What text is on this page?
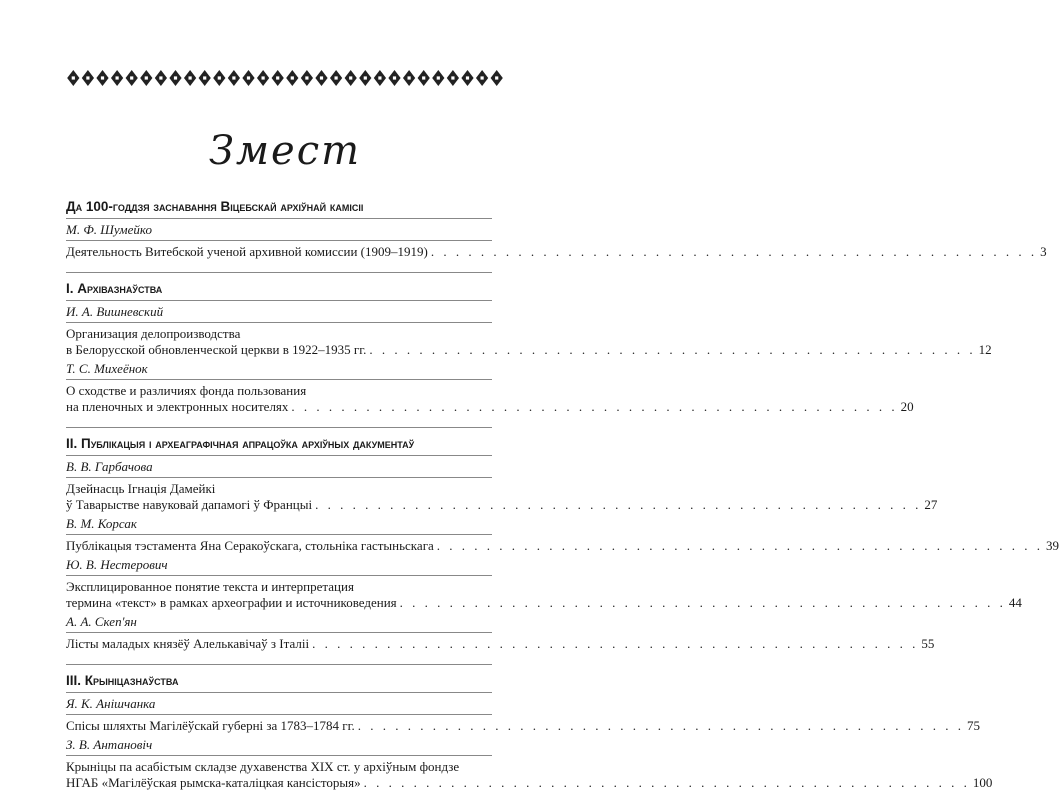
Змест
Да 100-годдзя заснавання Віцебскай архіўнай камісіі
М. Ф. Шумейко
Деятельность Витебской ученой архивной комиссии (1909–1919) . . . . . . . . . . . . . . . . . . . . . . . . . . . . . . . . . . . . . . . . . . . . . . . . . 3
I. Архівазнаўства
И. А. Вишневский
Организация делопроизводства
в Белорусской обновленческой церкви в 1922–1935 гг. . . . . . . . . . . . . . . . . . . . . . . . . . . . . . . . . . . . . . . . . . . . . . . . . . 12
Т. С. Михеёнок
О сходстве и различиях фонда пользования
на пленочных и электронных носителях . . . . . . . . . . . . . . . . . . . . . . . . . . . . . . . . . . . . . . . . . . . . . . . . . 20
II. Публікацыя і археаграфічная апрацоўка архіўных дакументаў
В. В. Гарбачова
Дзейнасць Ігнація Дамейкі
ў Таварыстве навуковай дапамогі ў Францыі . . . . . . . . . . . . . . . . . . . . . . . . . . . . . . . . . . . . . . . . . . . . . . . . . 27
В. М. Корсак
Публікацыя тэстамента Яна Серакоўскага, стольніка гастыньскага . . . . . . . . . . . . . . . . . . . . . . . . . . . . . . . . . . . . . . . . . . . . . . . . . 39
Ю. В. Нестерович
Эксплицированное понятие текста и интерпретация
термина «текст» в рамках археографии и источниковедения . . . . . . . . . . . . . . . . . . . . . . . . . . . . . . . . . . . . . . . . . . . . . . . . . 44
А. А. Скеп'ян
Лісты маладых князёў Алелькавічаў з Італіі . . . . . . . . . . . . . . . . . . . . . . . . . . . . . . . . . . . . . . . . . . . . . . . . . 55
III. Крыніцазнаўства
Я. К. Анішчанка
Спісы шляхты Магілёўскай губерні за 1783–1784 гг. . . . . . . . . . . . . . . . . . . . . . . . . . . . . . . . . . . . . . . . . . . . . . . . . . 75
З. В. Антановіч
Крыніцы па асабістым складзе духавенства XIX ст. у архіўным фондзе
НГАБ «Магілёўская рымска-каталіцкая кансісторыя» . . . . . . . . . . . . . . . . . . . . . . . . . . . . . . . . . . . . . . . . . . . . . . . . . 100
